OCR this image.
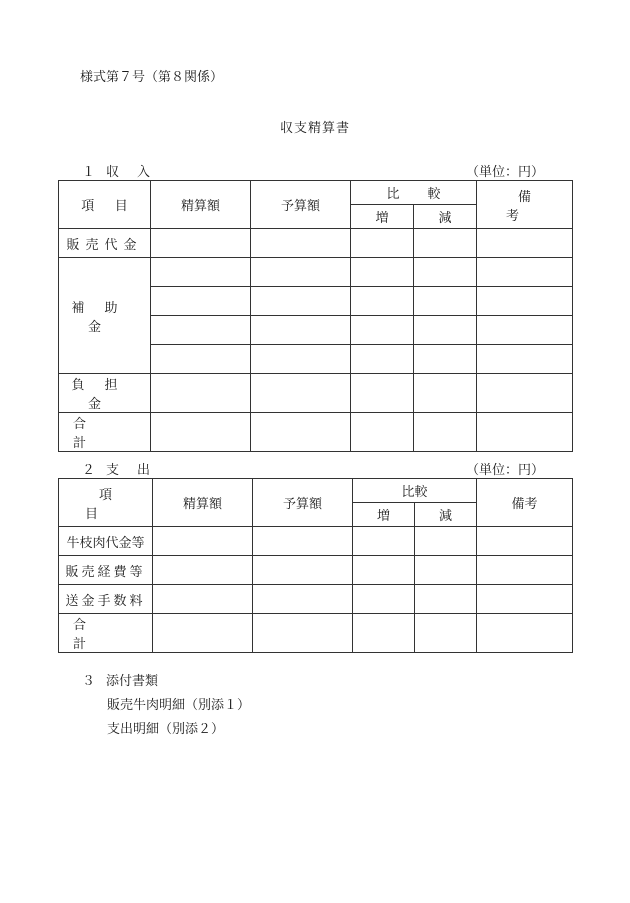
様式第７号（第８関係）
収支精算書
１ 収入	（単位：円）
項 目	精算額	予算額	比較		備考
			増	減	
販売代金					
補助金					

負担金					
合計					
２ 支出	（単位：円）
項目	精算額	予算額	比較		備考
			増	減	
牛枝肉代金等					
販売経費等					
送金手数料					
合計					
３ 添付書類
販売牛肉明細（別添１）
支出明細（別添２）
